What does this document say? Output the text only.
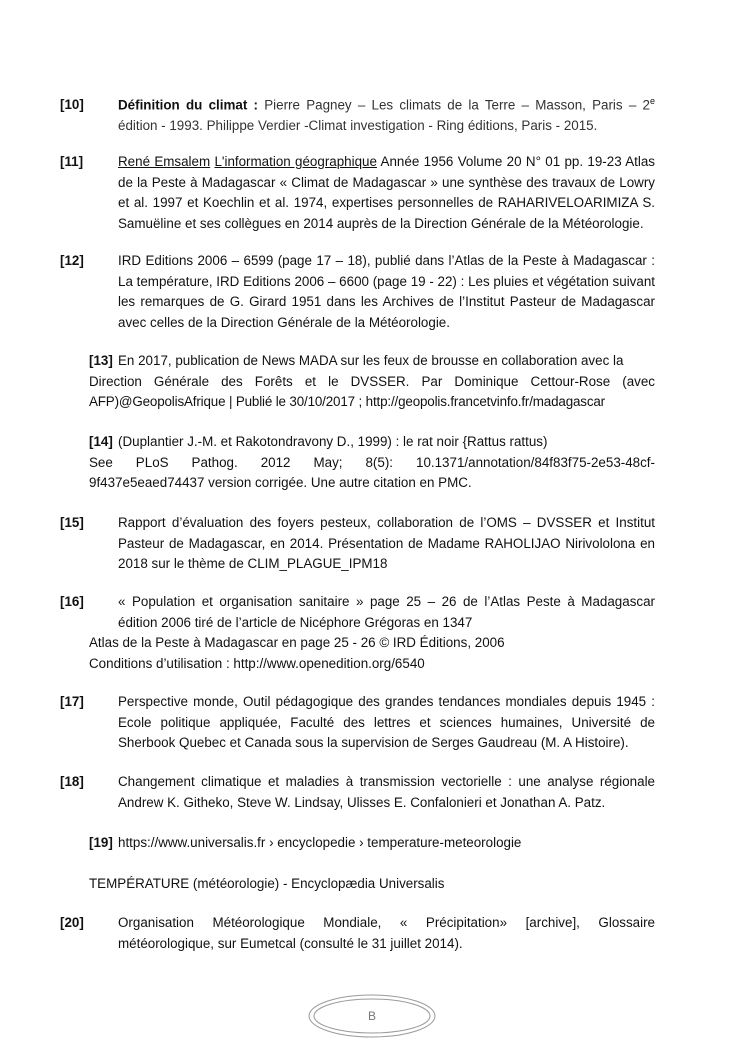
[10]	Définition du climat : Pierre Pagney – Les climats de la Terre – Masson, Paris – 2e édition - 1993. Philippe Verdier -Climat investigation - Ring éditions, Paris - 2015.

[11]	René Emsalem L'information géographique Année 1956 Volume 20 N° 01 pp. 19-23 Atlas de la Peste à Madagascar « Climat de Madagascar » une synthèse des travaux de Lowry et al. 1997 et Koechlin et al. 1974, expertises personnelles de RAHARIVELOARIMIZA S. Samuëline et ses collègues en 2014 auprès de la Direction Générale de la Météorologie.

[12]	IRD Editions 2006 – 6599 (page 17 – 18), publié dans l’Atlas de la Peste à Madagascar : La température, IRD Editions 2006 – 6600 (page 19 - 22) : Les pluies et végétation suivant les remarques de G. Girard 1951 dans les Archives de l’Institut Pasteur de Madagascar avec celles de la Direction Générale de la Météorologie.

[13] En 2017, publication de News MADA sur les feux de brousse en collaboration avec la

Direction Générale des Forêts et le DVSSER. Par Dominique Cettour-Rose (avec

AFP)@GeopolisAfrique | Publié le 30/10/2017 ; http://geopolis.francetvinfo.fr/madagascar

[14] (Duplantier J.-M. et Rakotondravony D., 1999) : le rat noir {Rattus rattus)

See PLoS Pathog. 2012 May; 8(5): 10.1371/annotation/84f83f75-2e53-48cf-

9f437e5eaed74437 version corrigée. Une autre citation en PMC.

[15]	Rapport d’évaluation des foyers pesteux, collaboration de l’OMS – DVSSER et Institut Pasteur de Madagascar, en 2014. Présentation de Madame RAHOLIJAO Nirivololona en 2018 sur le thème de CLIM_PLAGUE_IPM18

[16]	« Population et organisation sanitaire » page 25 – 26 de l’Atlas Peste à Madagascar édition 2006 tiré de l’article de Nicéphore Grégoras en 1347

Atlas de la Peste à Madagascar en page 25 - 26 © IRD Éditions, 2006

Conditions d’utilisation : http://www.openedition.org/6540

[17]	Perspective monde, Outil pédagogique des grandes tendances mondiales depuis 1945 : Ecole politique appliquée, Faculté des lettres et sciences humaines, Université de Sherbook Quebec et Canada sous la supervision de Serges Gaudreau (M. A Histoire).

[18]	Changement climatique et maladies à transmission vectorielle : une analyse régionale Andrew K. Githeko, Steve W. Lindsay, Ulisses E. Confalonieri et Jonathan A. Patz.

[19] https://www.universalis.fr › encyclopedie › temperature-meteorologie

TEMPÉRATURE (météorologie) - Encyclopædia Universalis

[20]	Organisation Météorologique Mondiale, « Précipitation» [archive], Glossaire météorologique, sur Eumetcal (consulté le 31 juillet 2014).

B
